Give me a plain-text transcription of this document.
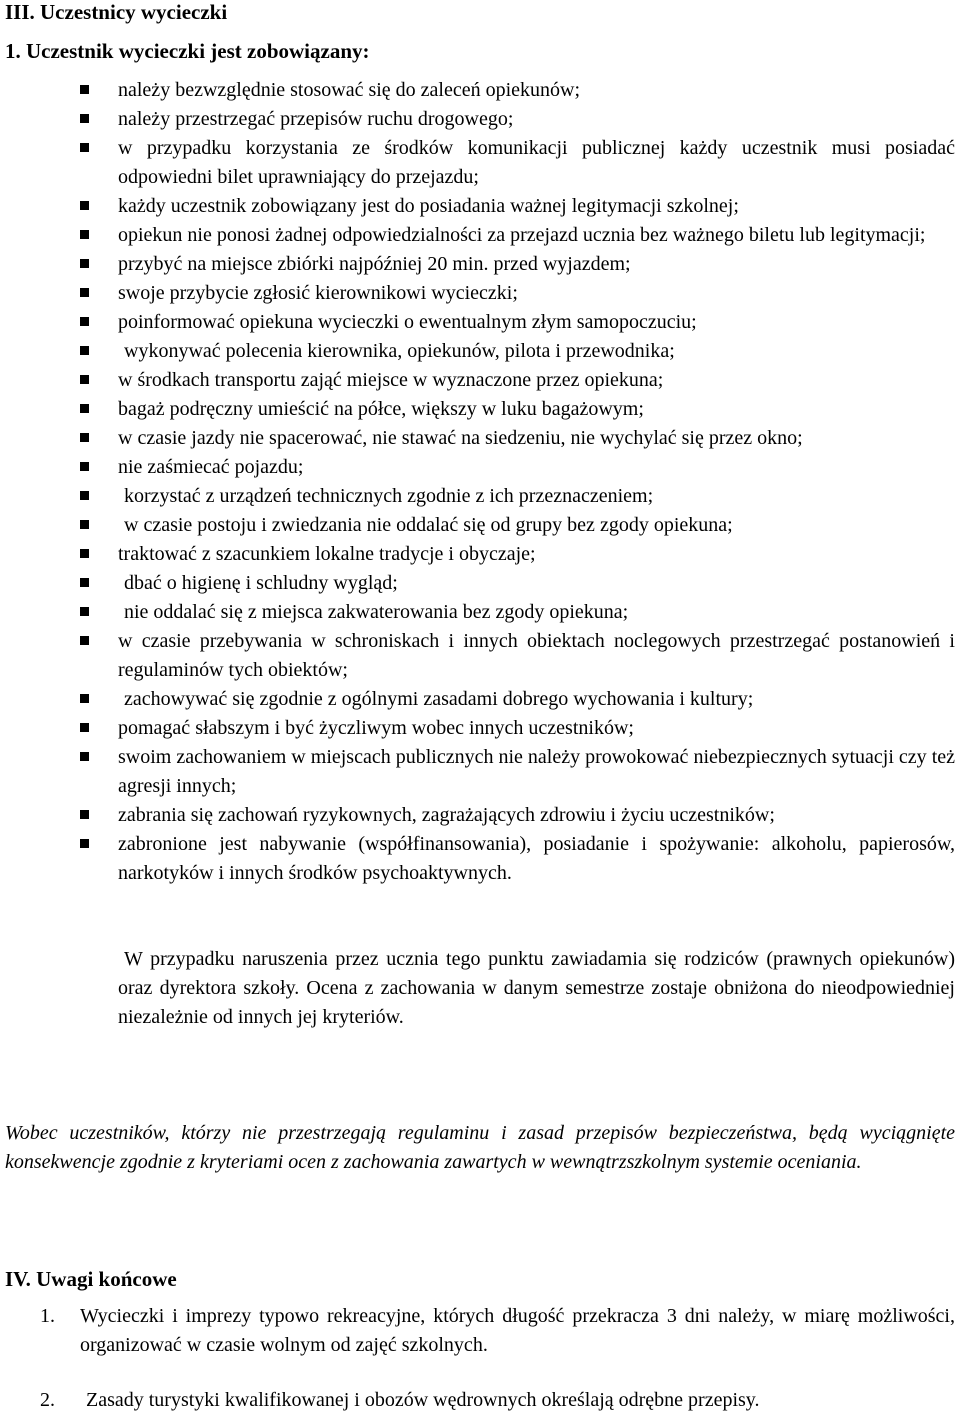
III. Uczestnicy wycieczki
1. Uczestnik wycieczki jest zobowiązany:
należy bezwzględnie stosować się do zaleceń opiekunów;
należy przestrzegać przepisów ruchu drogowego;
w przypadku korzystania ze środków komunikacji publicznej każdy uczestnik musi posiadać odpowiedni bilet uprawniający do przejazdu;
każdy uczestnik zobowiązany jest do posiadania ważnej legitymacji szkolnej;
opiekun nie ponosi żadnej odpowiedzialności za przejazd ucznia bez ważnego biletu lub legitymacji;
przybyć na miejsce zbiórki najpóźniej 20 min. przed wyjazdem;
swoje przybycie zgłosić kierownikowi wycieczki;
poinformować opiekuna wycieczki o ewentualnym złym samopoczuciu;
wykonywać polecenia kierownika, opiekunów, pilota i przewodnika;
w środkach transportu zająć miejsce w wyznaczone przez opiekuna;
bagaż podręczny umieścić na półce, większy w luku bagażowym;
w czasie jazdy nie spacerować, nie stawać na siedzeniu, nie wychylać się przez okno;
nie zaśmiecać pojazdu;
korzystać z urządzeń technicznych zgodnie z ich przeznaczeniem;
w czasie postoju i zwiedzania nie oddalać się od grupy bez zgody opiekuna;
traktować z szacunkiem lokalne tradycje i obyczaje;
dbać o higienę i schludny wygląd;
nie oddalać się z miejsca zakwaterowania bez zgody opiekuna;
w czasie przebywania w schroniskach i innych obiektach noclegowych przestrzegać postanowień i regulaminów tych obiektów;
zachowywać się zgodnie z ogólnymi zasadami dobrego wychowania i kultury;
pomagać słabszym i być życzliwym wobec innych uczestników;
swoim zachowaniem w miejscach publicznych nie należy prowokować niebezpiecznych sytuacji czy też agresji innych;
zabrania się zachowań ryzykownych, zagrażających zdrowiu i życiu uczestników;
zabronione jest nabywanie (współfinansowania), posiadanie i spożywanie: alkoholu, papierosów, narkotyków i innych środków psychoaktywnych.
W przypadku naruszenia przez ucznia tego punktu zawiadamia się rodziców (prawnych opiekunów) oraz dyrektora szkoły. Ocena z zachowania w danym semestrze zostaje obniżona do nieodpowiedniej niezależnie od innych jej kryteriów.
Wobec uczestników, którzy nie przestrzegają regulaminu i zasad przepisów bezpieczeństwa, będą wyciągnięte konsekwencje zgodnie z kryteriami ocen z zachowania zawartych w wewnątrzszkolnym systemie oceniania.
IV. Uwagi końcowe
1. Wycieczki i imprezy typowo rekreacyjne, których długość przekracza 3 dni należy, w miarę możliwości, organizować w czasie wolnym od zajęć szkolnych.
2. Zasady turystyki kwalifikowanej i obozów wędrownych określają odrębne przepisy.
